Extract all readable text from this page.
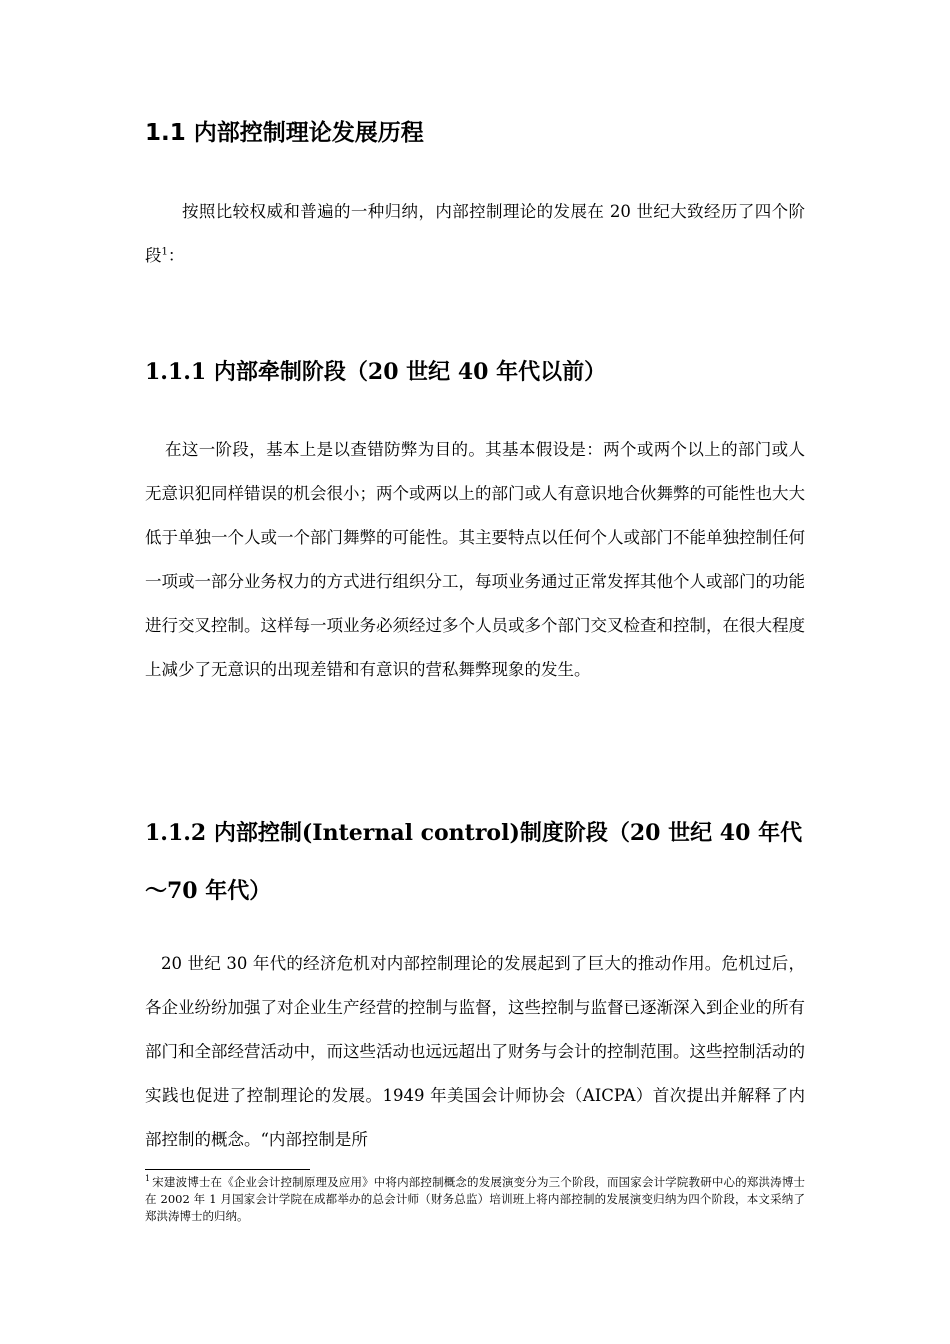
1.1 内部控制理论发展历程

按照比较权威和普遍的一种归纳，内部控制理论的发展在 20 世纪大致经历了四个阶段$^1$：

1.1.1 内部牵制阶段（20 世纪 40 年代以前）

在这一阶段，基本上是以查错防弊为目的。其基本假设是：两个或两个以上的部门或人无意识犯同样错误的机会很小；两个或两以上的部门或人有意识地合伙舞弊的可能性也大大低于单独一个人或一个部门舞弊的可能性。其主要特点以任何个人或部门不能单独控制任何一项或一部分业务权力的方式进行组织分工，每项业务通过正常发挥其他个人或部门的功能进行交叉控制。这样每一项业务必须经过多个人员或多个部门交叉检查和控制，在很大程度上减少了无意识的出现差错和有意识的营私舞弊现象的发生。

1.1.2 内部控制(Internal control)制度阶段（20 世纪 40 年代～70 年代）

20 世纪 30 年代的经济危机对内部控制理论的发展起到了巨大的推动作用。危机过后，各企业纷纷加强了对企业生产经营的控制与监督，这些控制与监督已逐渐深入到企业的所有部门和全部经营活动中，而这些活动也远远超出了财务与会计的控制范围。这些控制活动的实践也促进了控制理论的发展。1949 年美国会计师协会（AICPA）首次提出并解释了内部控制的概念。“内部控制是所

$^1$ 宋建波博士在《企业会计控制原理及应用》中将内部控制概念的发展演变分为三个阶段，而国家会计学院教研中心的郑洪涛博士在 2002 年 1 月国家会计学院在成都举办的总会计师（财务总监）培训班上将内部控制的发展演变归纳为四个阶段，本文采纳了郑洪涛博士的归纳。
